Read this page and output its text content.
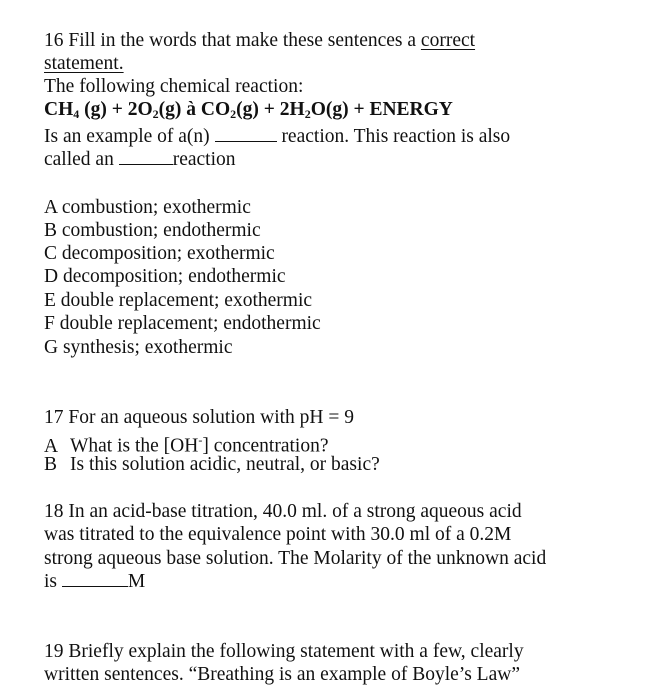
16 Fill in the words that make these sentences a correct
statement.
The following chemical reaction:
$CH_4$ $(g) + 2O_2(g)$ à $CO_2(g) + 2H_2O(g)$ + ENERGY
Is an example of a(n)	reaction. This reaction is also
called an	reaction
A combustion; exothermic
B combustion; endothermic
C decomposition; exothermic
D decomposition; endothermic
E double replacement; exothermic
F double replacement; endothermic
G synthesis; exothermic
17 For an aqueous solution with pH = 9
A What is the [OH-] concentration?
B Is this solution acidic, neutral, or basic?
18 In an acid-base titration, 40.0 ml. of a strong aqueous acid
was titrated to the equivalence point with 30.0 ml of a 0.2M
strong aqueous base solution. The Molarity of the unknown acid
is	M
19 Briefly explain the following statement with a few, clearly
written sentences. “Breathing is an example of Boyle’s Law”
